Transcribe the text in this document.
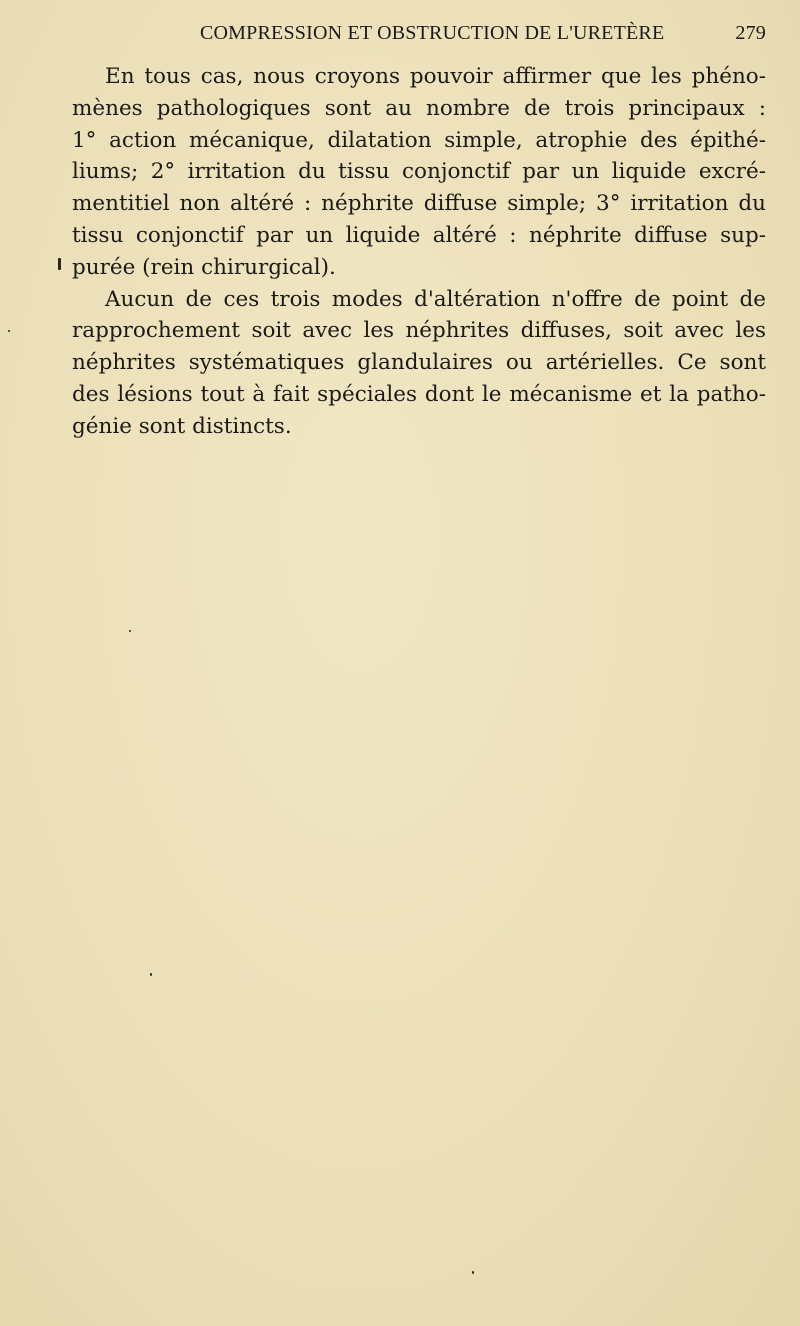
COMPRESSION ET OBSTRUCTION DE L'URETÈRE	279
En tous cas, nous croyons pouvoir affirmer que les phéno-
mènes pathologiques sont au nombre de trois principaux :
1° action mécanique, dilatation simple, atrophie des épithé-
liums; 2° irritation du tissu conjonctif par un liquide excré-
mentitiel non altéré : néphrite diffuse simple; 3° irritation du
tissu conjonctif par un liquide altéré : néphrite diffuse sup-
purée (rein chirurgical).
Aucun de ces trois modes d'altération n'offre de point de
rapprochement soit avec les néphrites diffuses, soit avec les
néphrites systématiques glandulaires ou artérielles. Ce sont
des lésions tout à fait spéciales dont le mécanisme et la patho-
génie sont distincts.
